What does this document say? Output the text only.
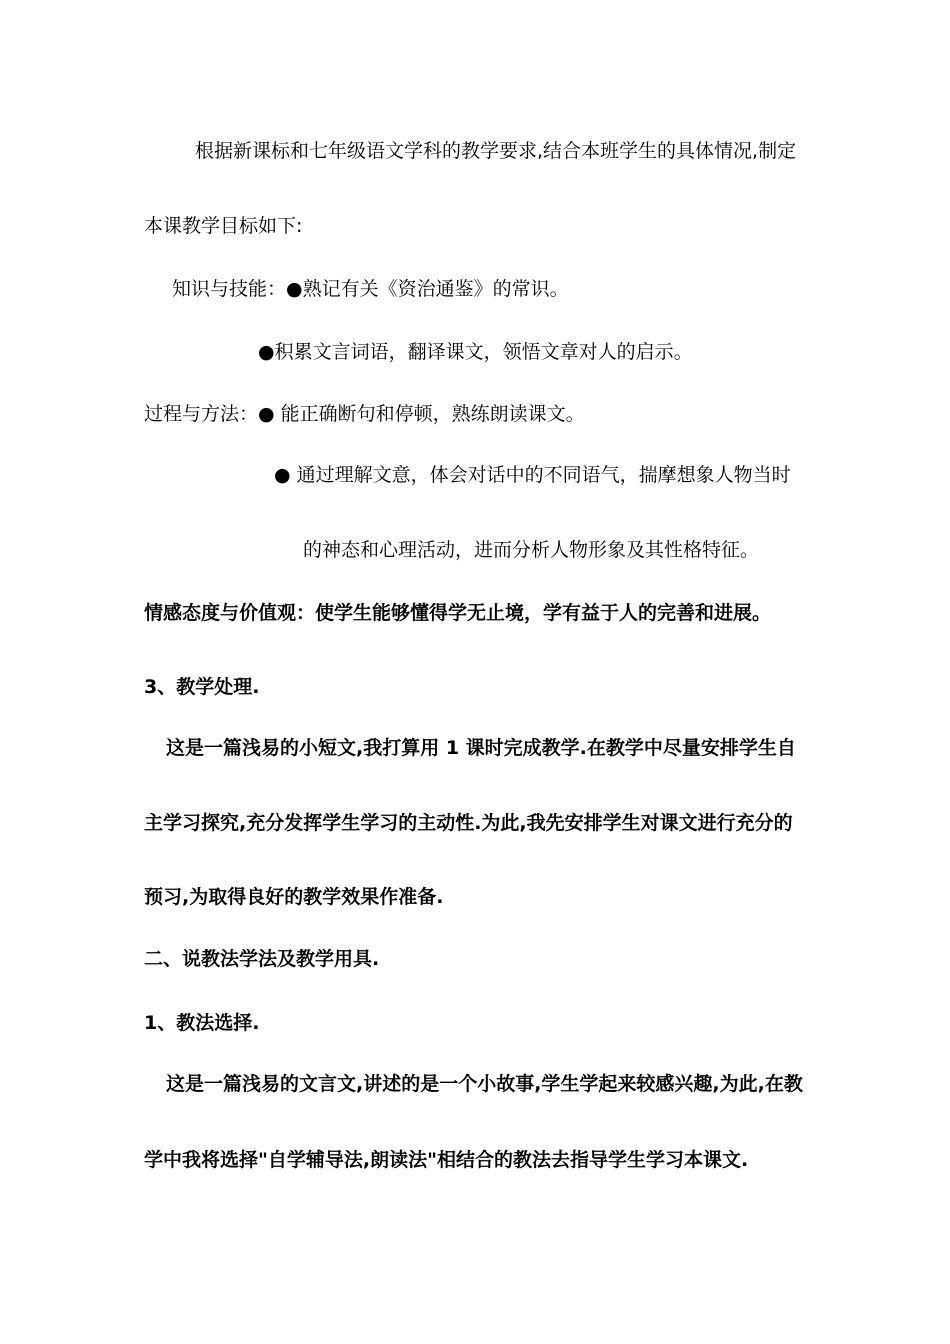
根据新课标和七年级语文学科的教学要求,结合本班学生的具体情况,制定
本课教学目标如下:
知识与技能：●熟记有关《资治通鉴》的常识。
●积累文言词语，翻译课文，领悟文章对人的启示。
过程与方法：● 能正确断句和停顿，熟练朗读课文。
● 通过理解文意，体会对话中的不同语气，揣摩想象人物当时
的神态和心理活动，进而分析人物形象及其性格特征。
情感态度与价值观：使学生能够懂得学无止境，学有益于人的完善和进展。
3、教学处理.
这是一篇浅易的小短文,我打算用 1 课时完成教学.在教学中尽量安排学生自
主学习探究,充分发挥学生学习的主动性.为此,我先安排学生对课文进行充分的
预习,为取得良好的教学效果作准备.
二、说教法学法及教学用具.
1、教法选择.
这是一篇浅易的文言文,讲述的是一个小故事,学生学起来较感兴趣,为此,在教
学中我将选择"自学辅导法,朗读法"相结合的教法去指导学生学习本课文.
